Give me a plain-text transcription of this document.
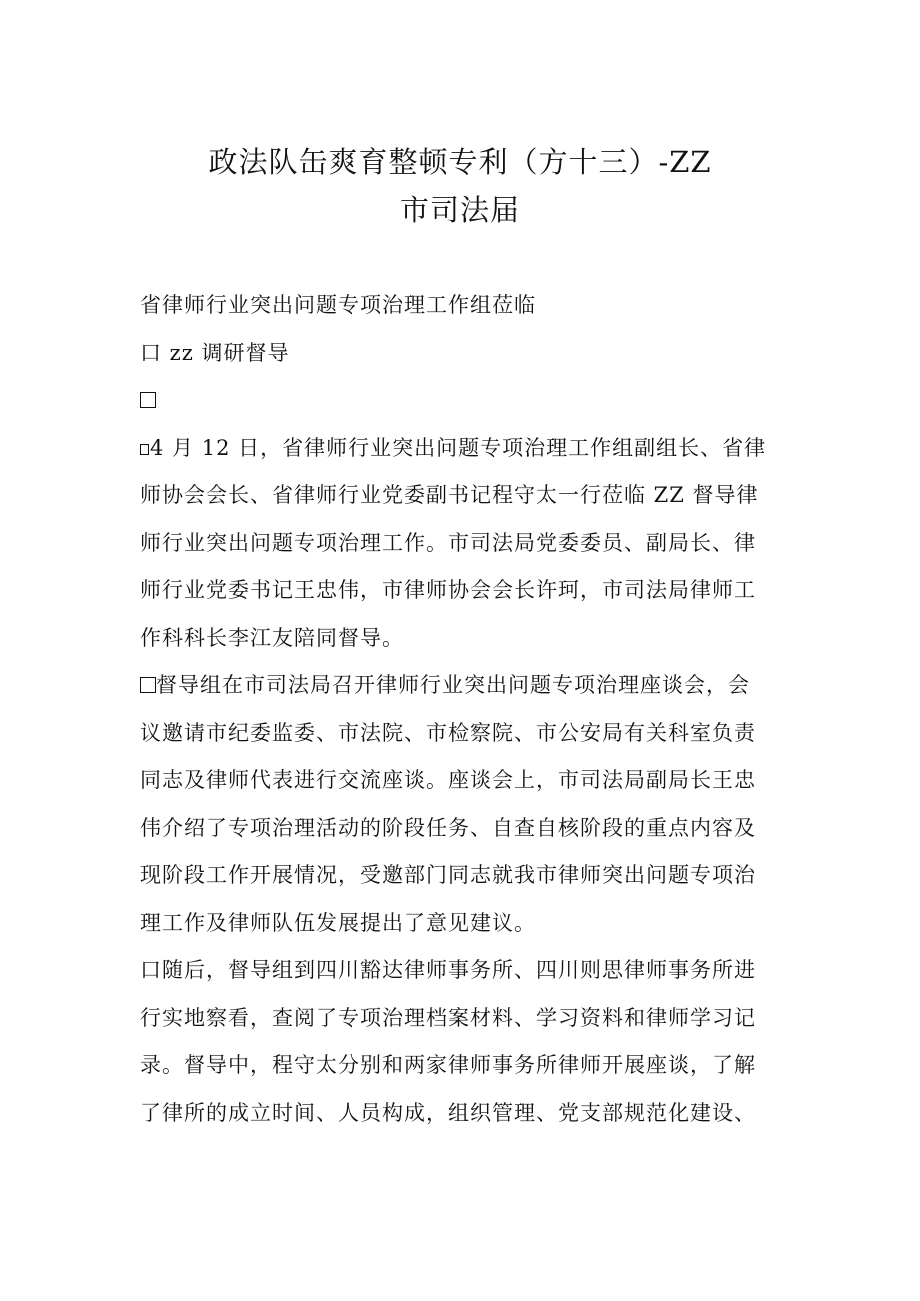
政法队缶爽育整顿专利（方十三）-ZZ
市司法届
省律师行业突出问题专项治理工作组莅临
口 zz 调研督导
4 月 12 日，省律师行业突出问题专项治理工作组副组长、省律
师协会会长、省律师行业党委副书记程守太一行莅临 ZZ 督导律
师行业突出问题专项治理工作。市司法局党委委员、副局长、律
师行业党委书记王忠伟，市律师协会会长许珂，市司法局律师工
作科科长李江友陪同督导。
督导组在市司法局召开律师行业突出问题专项治理座谈会，会
议邀请市纪委监委、市法院、市检察院、市公安局有关科室负责
同志及律师代表进行交流座谈。座谈会上，市司法局副局长王忠
伟介绍了专项治理活动的阶段任务、自查自核阶段的重点内容及
现阶段工作开展情况，受邀部门同志就我市律师突出问题专项治
理工作及律师队伍发展提出了意见建议。
口随后，督导组到四川豁达律师事务所、四川则思律师事务所进
行实地察看，查阅了专项治理档案材料、学习资料和律师学习记
录。督导中，程守太分别和两家律师事务所律师开展座谈，了解
了律所的成立时间、人员构成，组织管理、党支部规范化建设、
